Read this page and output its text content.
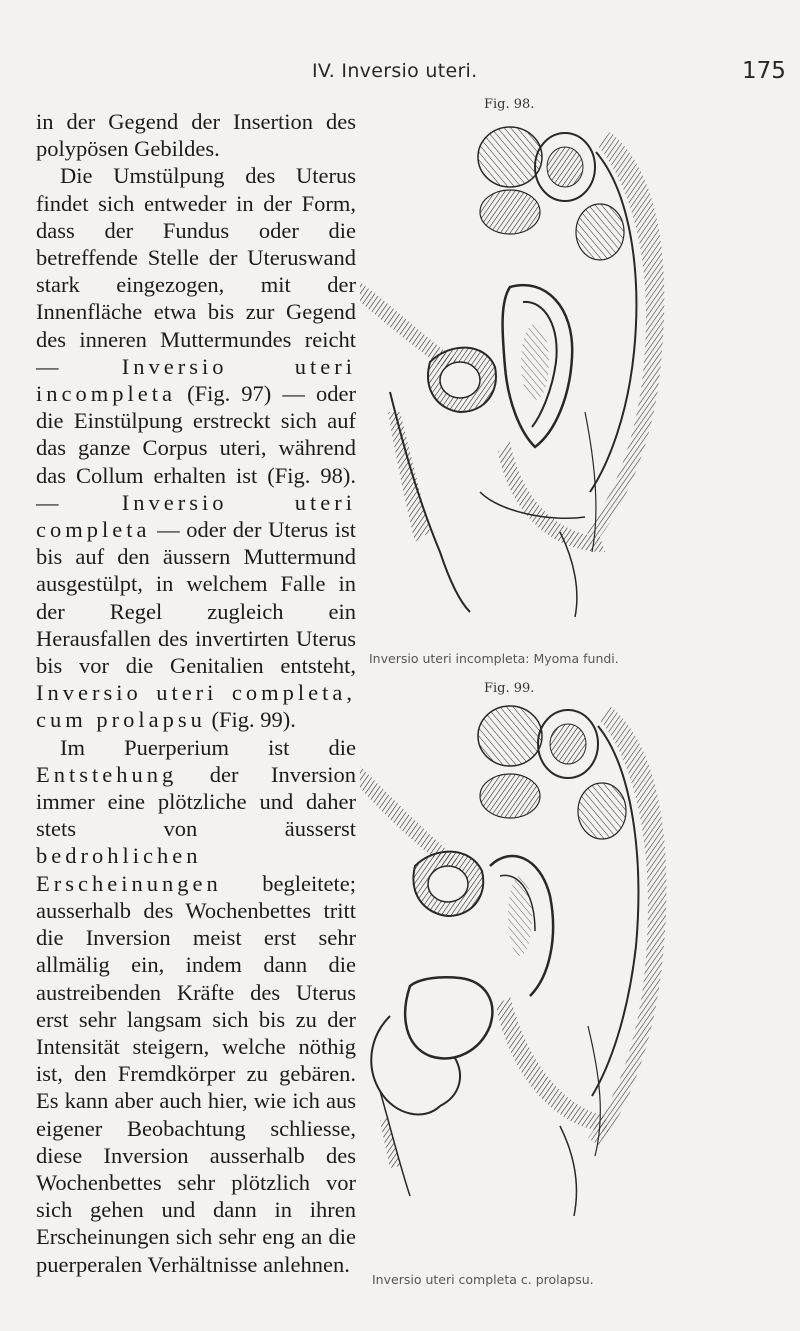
IV. Inversio uteri.	175

in der Gegend der Insertion des polypösen Gebildes.

Die Umstülpung des Uterus findet sich entweder in der Form, dass der Fundus oder die betreffende Stelle der Uteruswand stark eingezogen, mit der Innenfläche etwa bis zur Gegend des inneren Muttermundes reicht — Inversio uteri incompleta (Fig. 97) — oder die Einstülpung erstreckt sich auf das ganze Corpus uteri, während das Collum erhalten ist (Fig. 98). — Inversio uteri completa — oder der Uterus ist bis auf den äussern Muttermund ausgestülpt, in welchem Falle in der Regel zugleich ein Herausfallen des invertirten Uterus bis vor die Genitalien entsteht, Inversio uteri completa, cum prolapsu (Fig. 99).

Im Puerperium ist die Entstehung der Inversion immer eine plötzliche und daher stets von äusserst bedrohlichen Erscheinungen begleitete; ausserhalb des Wochenbettes tritt die Inversion meist erst sehr allmälig ein, indem dann die austreibenden Kräfte des Uterus erst sehr langsam sich bis zu der Intensität steigern, welche nöthig ist, den Fremdkörper zu gebären. Es kann aber auch hier, wie ich aus eigener Beobachtung schliesse, diese Inversion ausserhalb des Wochenbettes sehr plötzlich vor sich gehen und dann in ihren Erscheinungen sich sehr eng an die puerperalen Verhältnisse anlehnen.

Fig. 98.
Inversio uteri incompleta: Myoma fundi.
Fig. 99.
Inversio uteri completa c. prolapsu.
